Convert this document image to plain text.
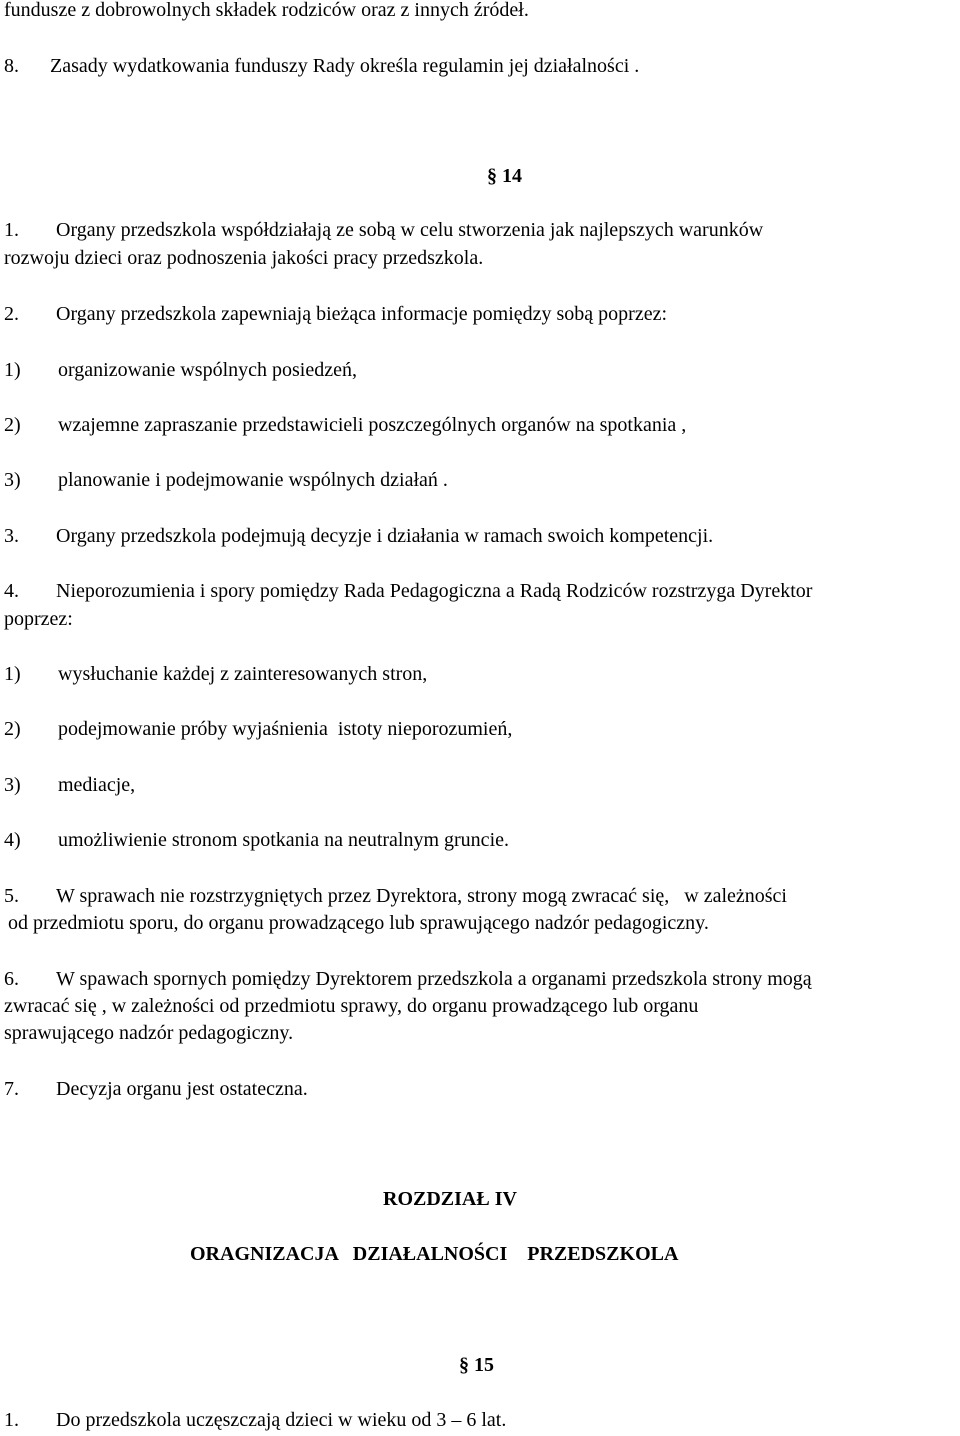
fundusze z dobrowolnych składek rodziców oraz z innych źródeł.
8. Zasady wydatkowania funduszy Rady określa regulamin jej działalności .
§ 14
1. Organy przedszkola współdziałają ze sobą w celu stworzenia jak najlepszych warunków
rozwoju dzieci oraz podnoszenia jakości pracy przedszkola.
2. Organy przedszkola zapewniają bieżąca informacje pomiędzy sobą poprzez:
1) organizowanie wspólnych posiedzeń,
2) wzajemne zapraszanie przedstawicieli poszczególnych organów na spotkania ,
3) planowanie i podejmowanie wspólnych działań .
3. Organy przedszkola podejmują decyzje i działania w ramach swoich kompetencji.
4. Nieporozumienia i spory pomiędzy Rada Pedagogiczna a Radą Rodziców rozstrzyga Dyrektor
poprzez:
1) wysłuchanie każdej z zainteresowanych stron,
2) podejmowanie próby wyjaśnienia  istoty nieporozumień,
3) mediacje,
4) umożliwienie stronom spotkania na neutralnym gruncie.
5. W sprawach nie rozstrzygniętych przez Dyrektora, strony mogą zwracać się,   w zależności
od przedmiotu sporu, do organu prowadzącego lub sprawującego nadzór pedagogiczny.
6. W spawach spornych pomiędzy Dyrektorem przedszkola a organami przedszkola strony mogą
zwracać się , w zależności od przedmiotu sprawy, do organu prowadzącego lub organu
sprawującego nadzór pedagogiczny.
7. Decyzja organu jest ostateczna.
ROZDZIAŁ IV
ORAGNIZACJA   DZIAŁALNOŚCI    PRZEDSZKOLA
§ 15
1. Do przedszkola uczęszczają dzieci w wieku od 3 – 6 lat.
